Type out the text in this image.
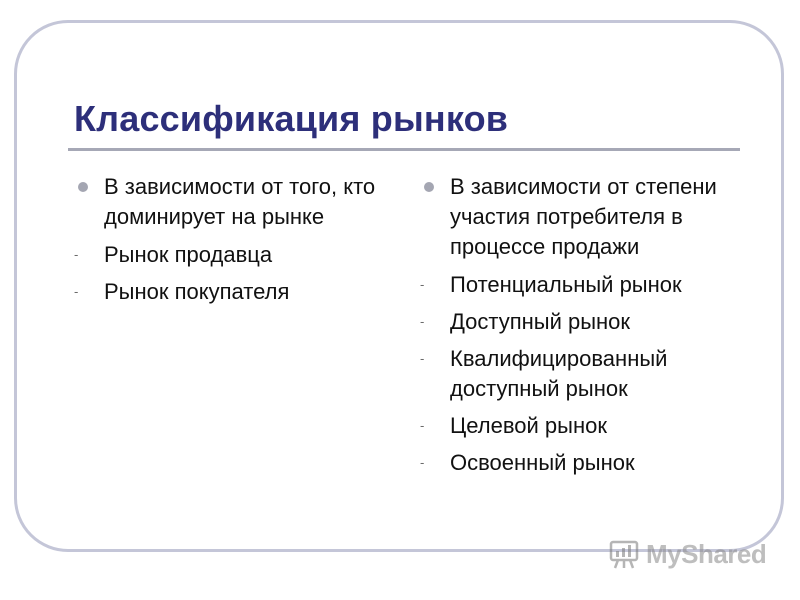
Классификация рынков
В зависимости от того, кто доминирует на рынке
- Рынок продавца
- Рынок покупателя
В зависимости от степени участия потребителя в процессе продажи
- Потенциальный рынок
- Доступный рынок
- Квалифицированный доступный рынок
- Целевой рынок
- Освоенный рынок
MyShared
